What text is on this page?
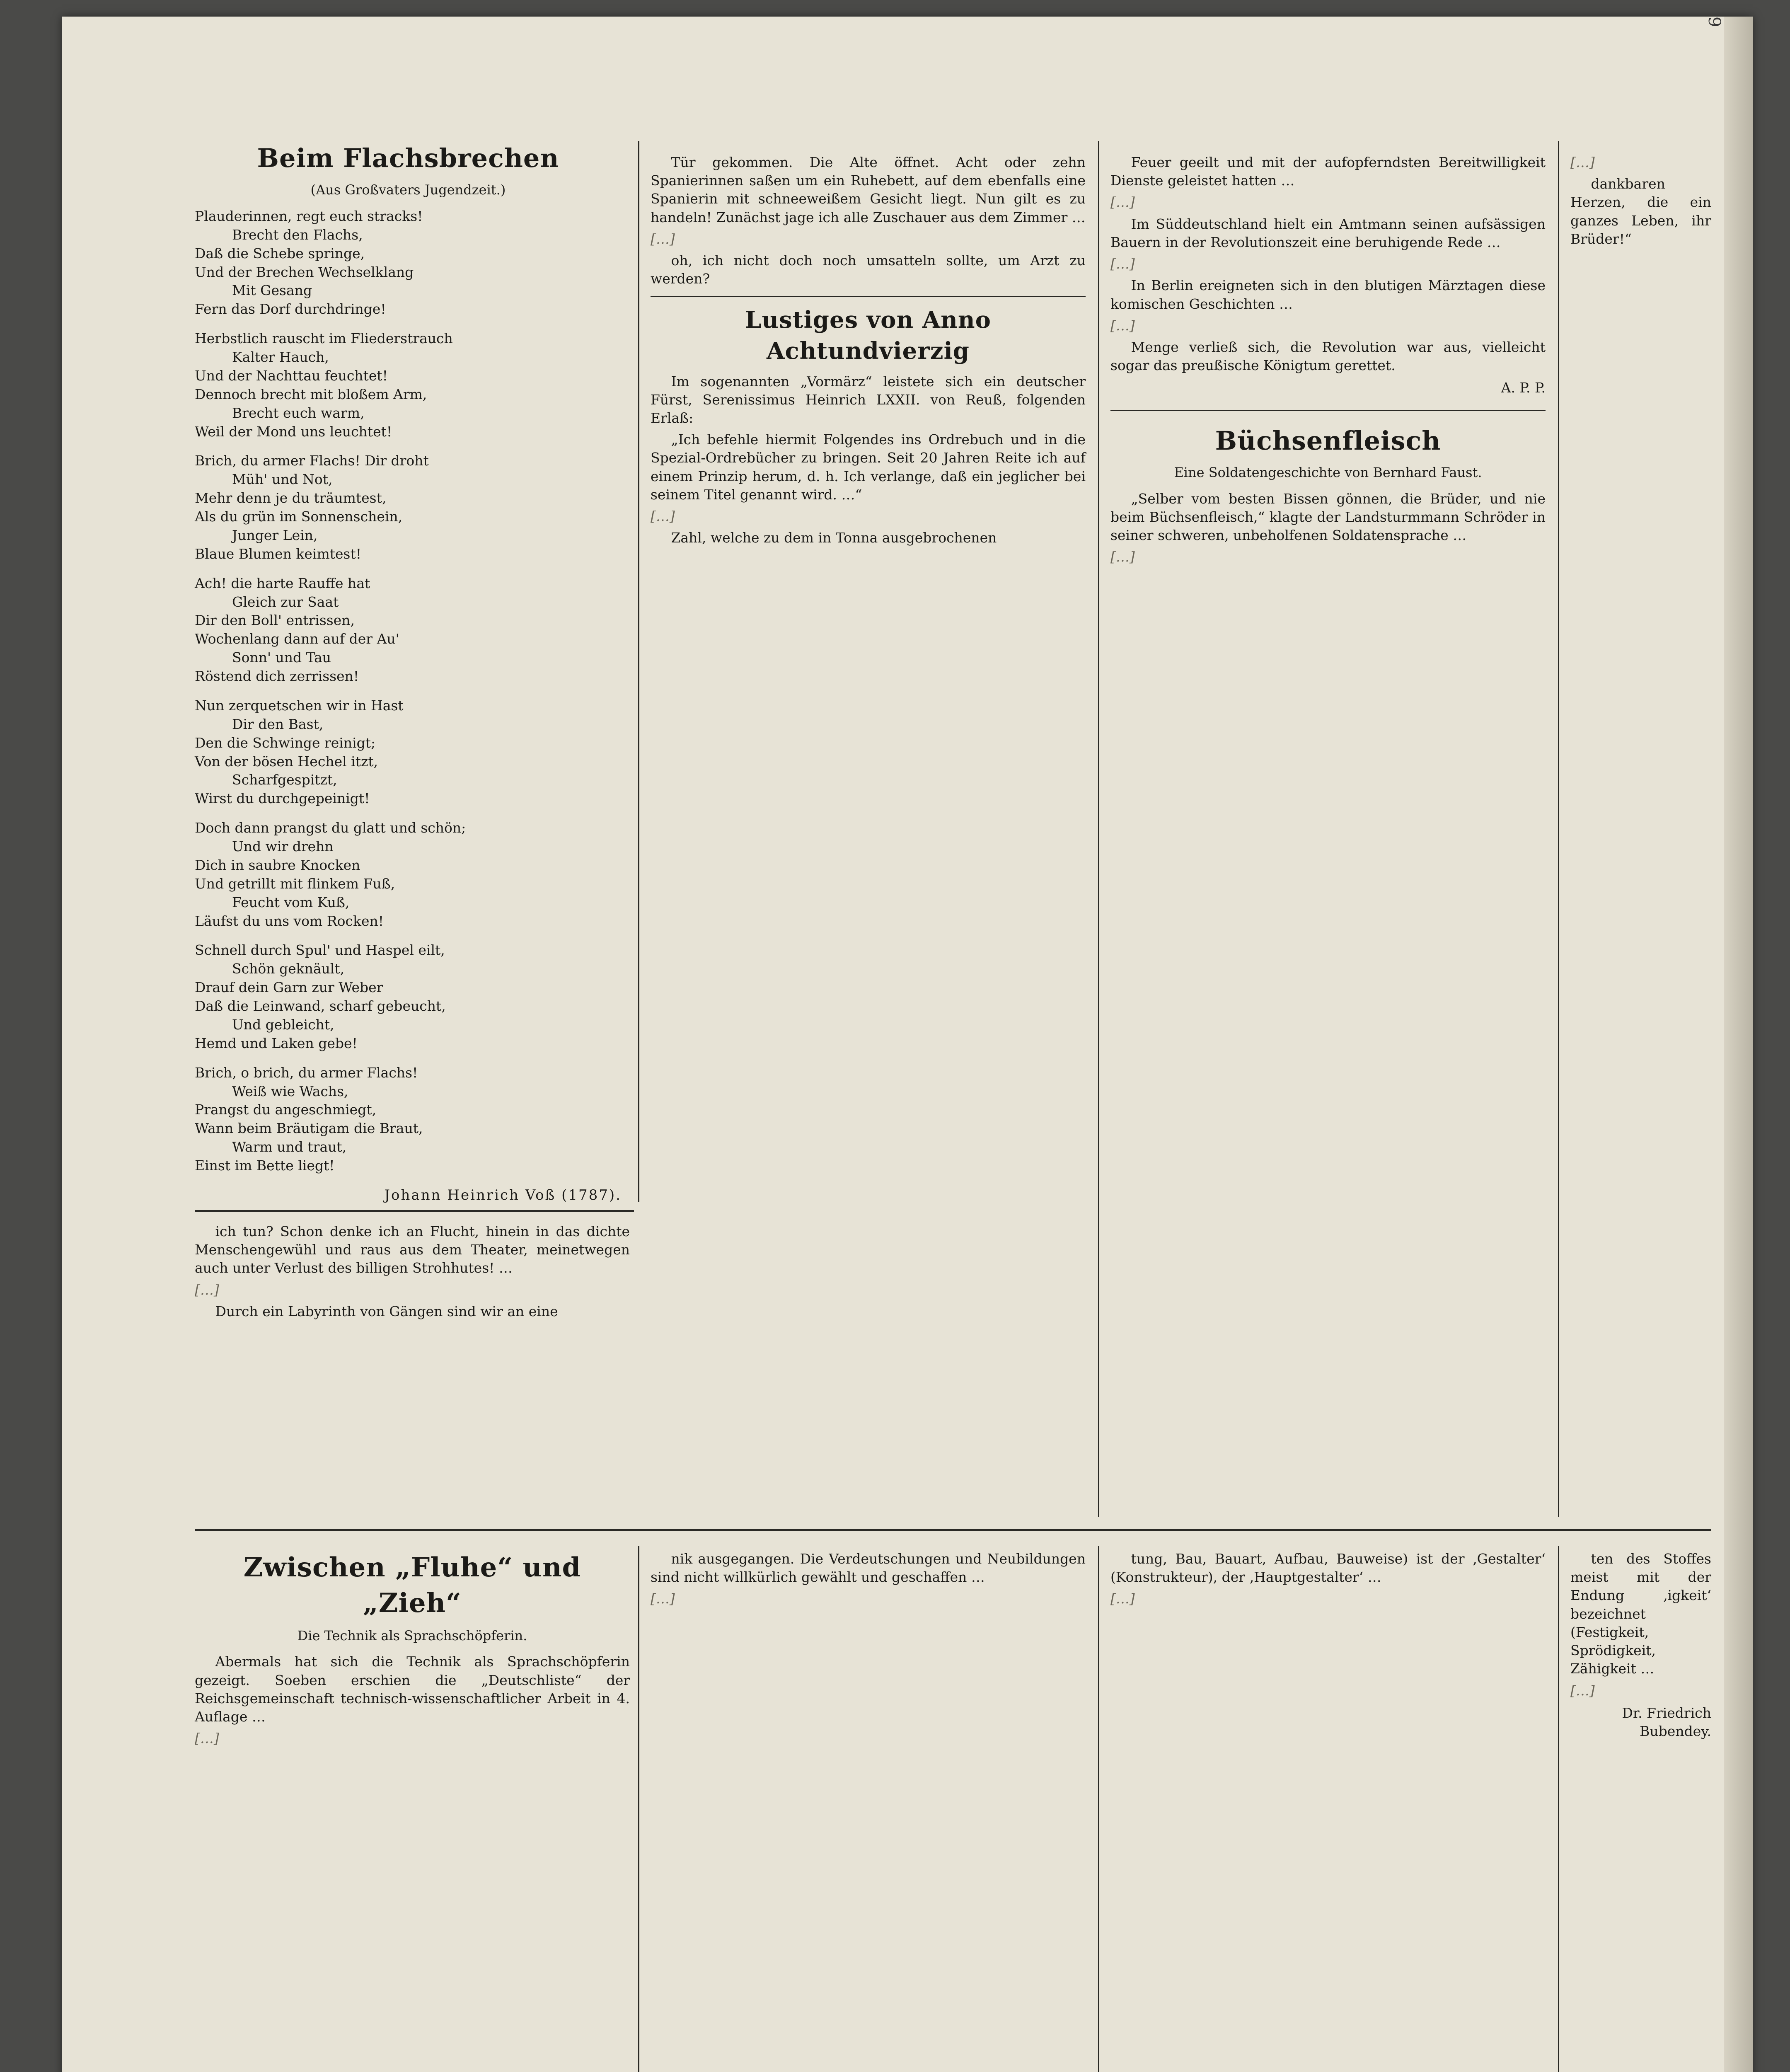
Beim Flachsbrechen
(Aus Großvaters Jugendzeit.)
Plauderinnen, regt euch stracks!
Brecht den Flachs,
Daß die Schebe springe,
Und der Brechen Wechselklang
Mit Gesang
Fern das Dorf durchdringe!
Herbstlich rauscht im Fliederstrauch
Kalter Hauch,
Und der Nachttau feuchtet!
Dennoch brecht mit bloßem Arm,
Brecht euch warm,
Weil der Mond uns leuchtet!
Brich, du armer Flachs! Dir droht
Müh' und Not,
Mehr denn je du träumtest,
Als du grün im Sonnenschein,
Junger Lein,
Blaue Blumen keimtest!
Ach! die harte Rauffe hat
Gleich zur Saat
Dir den Boll' entrissen,
Wochenlang dann auf der Au'
Sonn' und Tau
Röstend dich zerrissen!
Nun zerquetschen wir in Hast
Dir den Bast,
Den die Schwinge reinigt;
Von der bösen Hechel itzt,
Scharfgespitzt,
Wirst du durchgepeinigt!
Doch dann prangst du glatt und schön;
Und wir drehn
Dich in saubre Knocken
Und getrillt mit flinkem Fuß,
Feucht vom Kuß,
Läufst du uns vom Rocken!
Schnell durch Spul' und Haspel eilt,
Schön geknäult,
Drauf dein Garn zur Weber
Daß die Leinwand, scharf gebeucht,
Und gebleicht,
Hemd und Laken gebe!
Brich, o brich, du armer Flachs!
Weiß wie Wachs,
Prangst du angeschmiegt,
Wann beim Bräutigam die Braut,
Warm und traut,
Einst im Bette liegt!
Johann Heinrich Voß (1787).

Tür gekommen. Die Alte öffnet. Acht oder zehn Spanierinnen saßen um ein Ruhebett, auf dem ebenfalls eine Spanierin mit schneeweißem Gesicht liegt. Nun gilt es zu handeln! Zunächst jage ich alle Zuschauer aus dem Zimmer …

[…]

oh, ich nicht doch noch umsatteln sollte, um Arzt zu werden?

Lustiges von Anno Achtundvierzig

Im sogenannten „Vormärz“ leistete sich ein deutscher Fürst, Serenissimus Heinrich LXXII. von Reuß, folgenden Erlaß:

„Ich befehle hiermit Folgendes ins Ordrebuch und in die Spezial-Ordrebücher zu bringen. Seit 20 Jahren Reite ich auf einem Prinzip herum, d. h. Ich verlange, daß ein jeglicher bei seinem Titel genannt wird. …“

[…]

Zahl, welche zu dem in Tonna ausgebrochenen

Feuer geeilt und mit der aufopferndsten Bereitwilligkeit Dienste geleistet hatten …

[…]

Im Süddeutschland hielt ein Amtmann seinen aufsässigen Bauern in der Revolutionszeit eine beruhigende Rede …

[…]

In Berlin ereigneten sich in den blutigen Märztagen diese komischen Geschichten …

[…]

Menge verließ sich, die Revolution war aus, vielleicht sogar das preußische Königtum gerettet.

A. P. P.
Büchsenfleisch
Eine Soldatengeschichte von Bernhard Faust.

„Selber vom besten Bissen gönnen, die Brüder, und nie beim Büchsenfleisch,“ klagte der Landsturmmann Schröder in seiner schweren, unbeholfenen Soldatensprache …

[…]

[…]

dankbaren Herzen, die ein ganzes Leben, ihr Brüder!“

ich tun? Schon denke ich an Flucht, hinein in das dichte Menschengewühl und raus aus dem Theater, meinetwegen auch unter Verlust des billigen Strohhutes! …

[…]

Durch ein Labyrinth von Gängen sind wir an eine

Zwischen „Fluhe“ und „Zieh“
Die Technik als Sprachschöpferin.

Abermals hat sich die Technik als Sprachschöpferin gezeigt. Soeben erschien die „Deutschliste“ der Reichsgemeinschaft technisch-wissenschaftlicher Arbeit in 4. Auflage …

[…]

nik ausgegangen. Die Verdeutschungen und Neubildungen sind nicht willkürlich gewählt und geschaffen …

[…]

tung, Bau, Bauart, Aufbau, Bauweise) ist der ‚Gestalter‘ (Konstrukteur), der ‚Hauptgestalter‘ …

[…]

ten des Stoffes meist mit der Endung ‚igkeit‘ bezeichnet (Festigkeit, Sprödigkeit, Zähigkeit …

[…]

Dr. Friedrich Bubendey.
9
